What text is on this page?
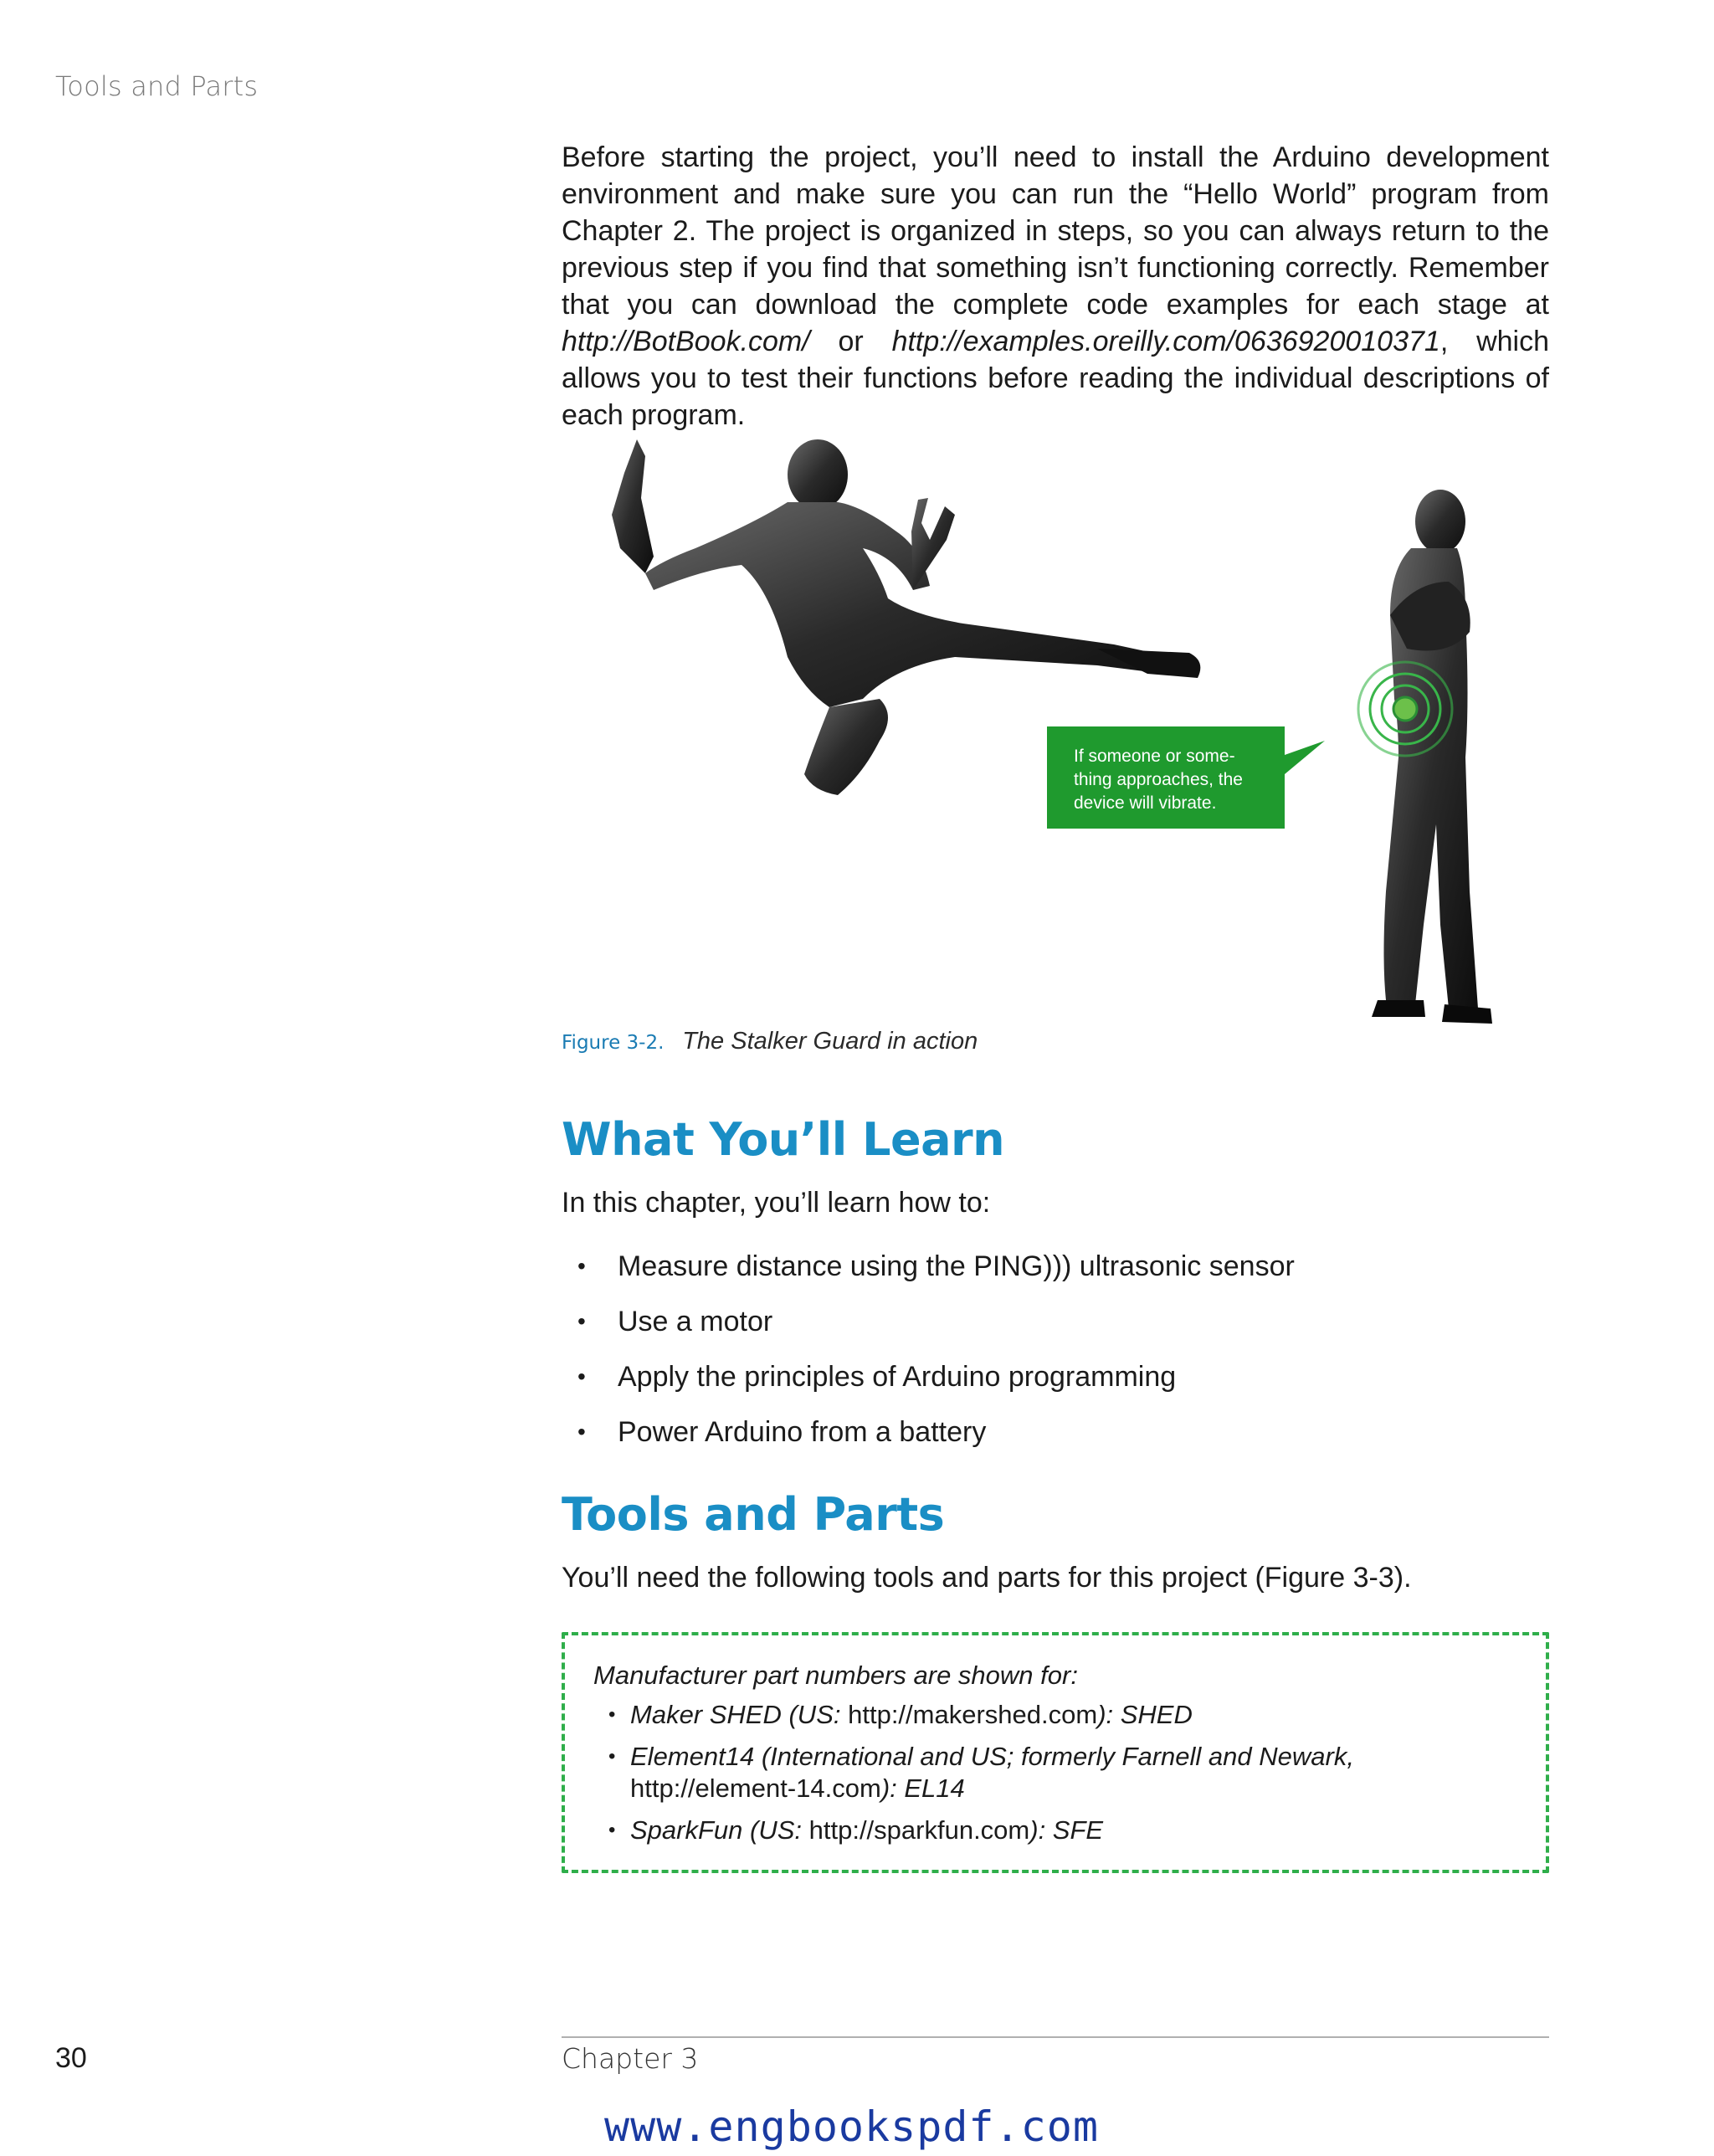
Tools and Parts

Before starting the project, you’ll need to install the Arduino development environment and make sure you can run the “Hello World” program from Chapter 2. The project is organized in steps, so you can always return to the previous step if you find that something isn’t functioning correctly. Remember that you can download the complete code examples for each stage at http://BotBook.com/ or http://examples.oreilly.com/0636920010371, which allows you to test their functions before reading the individual descriptions of each program.

If someone or some-
thing approaches, the
device will vibrate.
Figure 3-2. The Stalker Guard in action
What You’ll Learn

In this chapter, you’ll learn how to:

• Measure distance using the PING))) ultrasonic sensor
• Use a motor
• Apply the principles of Arduino programming
• Power Arduino from a battery
Tools and Parts

You’ll need the following tools and parts for this project (Figure 3-3).

Manufacturer part numbers are shown for:

• Maker SHED (US: http://makershed.com): SHED
• Element14 (International and US; formerly Farnell and Newark, http://element-14.com): EL14
• SparkFun (US: http://sparkfun.com): SFE
30	Chapter 3
www.engbookspdf.com
